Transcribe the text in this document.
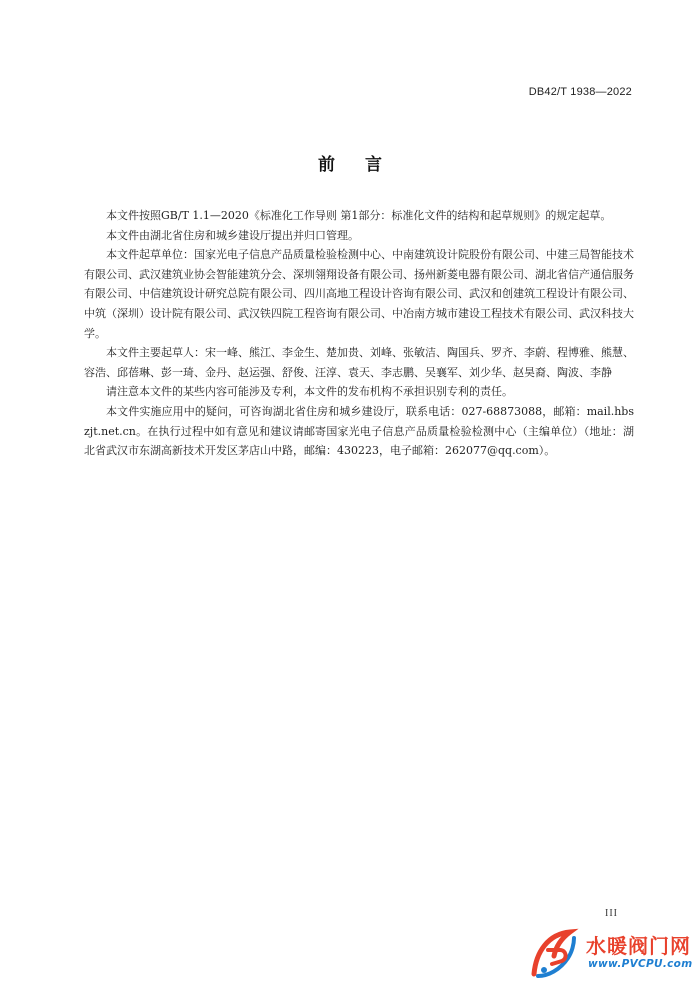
DB42/T 1938—2022
前 言

本文件按照GB/T 1.1—2020《标准化工作导则 第1部分：标准化文件的结构和起草规则》的规定起草。

本文件由湖北省住房和城乡建设厅提出并归口管理。

本文件起草单位：国家光电子信息产品质量检验检测中心、中南建筑设计院股份有限公司、中建三局智能技术有限公司、武汉建筑业协会智能建筑分会、深圳翎翔设备有限公司、扬州新菱电器有限公司、湖北省信产通信服务有限公司、中信建筑设计研究总院有限公司、四川高地工程设计咨询有限公司、武汉和创建筑工程设计有限公司、中筑（深圳）设计院有限公司、武汉铁四院工程咨询有限公司、中冶南方城市建设工程技术有限公司、武汉科技大学。

本文件主要起草人：宋一峰、熊江、李金生、楚加贵、刘峰、张敏洁、陶国兵、罗齐、李蔚、程博雅、熊慧、容浩、邱蓓琳、彭一琦、金丹、赵运强、舒俊、汪淳、袁天、李志鹏、吴襄军、刘少华、赵昊裔、陶波、李静

请注意本文件的某些内容可能涉及专利，本文件的发布机构不承担识别专利的责任。

本文件实施应用中的疑问，可咨询湖北省住房和城乡建设厅，联系电话：027-68873088，邮箱：mail.hbszjt.net.cn。在执行过程中如有意见和建议请邮寄国家光电子信息产品质量检验检测中心（主编单位）（地址：湖北省武汉市东湖高新技术开发区茅店山中路，邮编：430223，电子邮箱：262077@qq.com）。

III
水暖阀门网
www.PVCPU.com
